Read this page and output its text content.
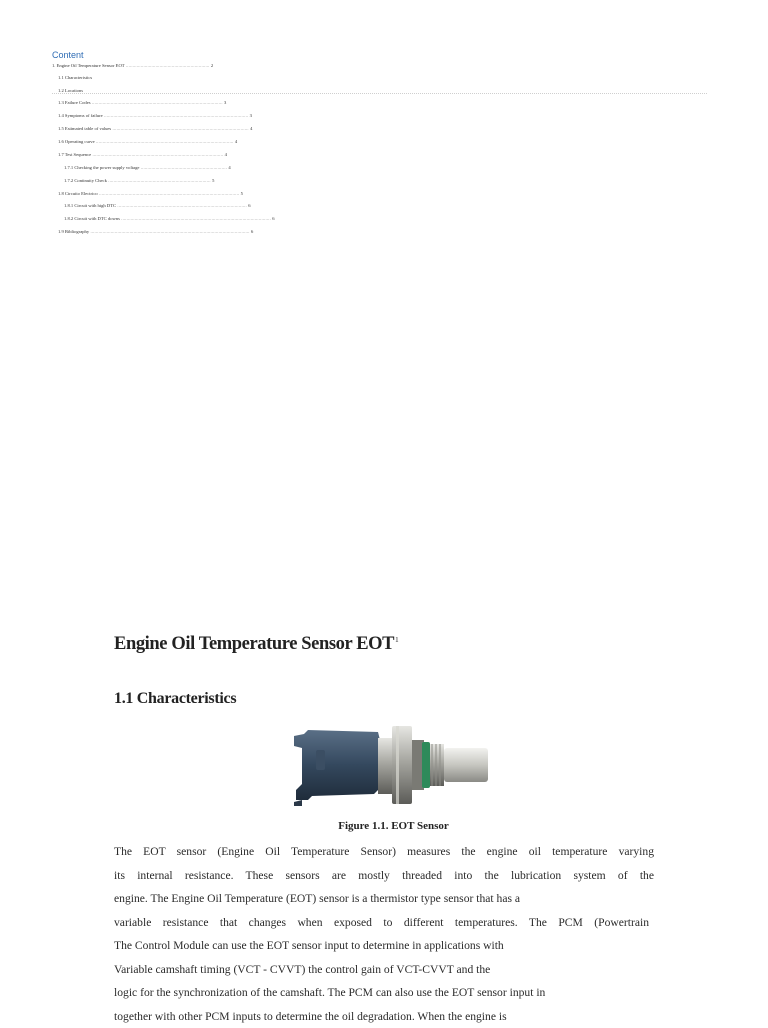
Content
1. Engine Oil Temperature Sensor EOT .............................................................. 2
1.1 Characteristics
1.2 Locations
1.3 Failure Codes ................................................................................................. 3
1.4 Symptoms of failure ........................................................................................................... 3
1.5 Estimated table of values ..................................................................................................... 4
1.6 Operating curve ...................................................................................................... 4
1.7 Test Sequence ................................................................................................. 4
1.7.1 Checking the power supply voltage ................................................................ 4
1.7.2 Continuity Check ............................................................................ 5
1.8 Circuito Electrico ........................................................................................................ 5
1.8.1 Circuit with high DTC ................................................................................................ 6
1.8.2 Circuit with DTC downs ............................................................................................................... 6
1.9 Bibliography ...................................................................................................................... 6
Engine Oil Temperature Sensor EOT$^1$
1.1 Characteristics
Figure 1.1. EOT Sensor
The EOT sensor (Engine Oil Temperature Sensor) measures the engine oil temperature varying
its internal resistance. These sensors are mostly threaded into the lubrication system of the
engine. The Engine Oil Temperature (EOT) sensor is a thermistor type sensor that has a
variable resistance that changes when exposed to different temperatures. The PCM (Powertrain
The Control Module can use the EOT sensor input to determine in applications with
Variable camshaft timing (VCT - CVVT) the control gain of VCT-CVVT and the
logic for the synchronization of the camshaft. The PCM can also use the EOT sensor input in
together with other PCM inputs to determine the oil degradation. When the engine is
